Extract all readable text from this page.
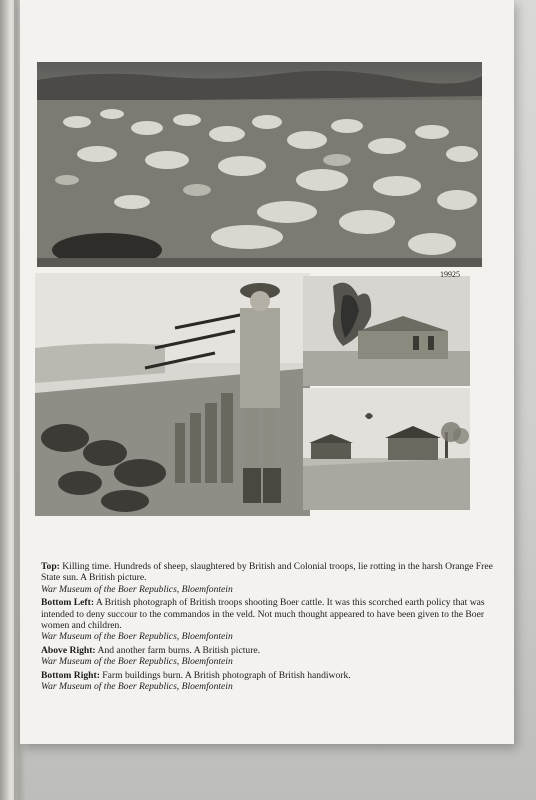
19925
Top: Killing time. Hundreds of sheep, slaughtered by British and Colonial troops, lie rotting in the harsh Orange Free State sun. A British picture.
War Museum of the Boer Republics, Bloemfontein
Bottom Left: A British photograph of British troops shooting Boer cattle. It was this scorched earth policy that was intended to deny succour to the commandos in the veld. Not much thought appeared to have been given to the Boer women and children.
War Museum of the Boer Republics, Bloemfontein
Above Right: And another farm burns. A British picture.
War Museum of the Boer Republics, Bloemfontein
Bottom Right: Farm buildings burn. A British photograph of British handiwork.
War Museum of the Boer Republics, Bloemfontein
